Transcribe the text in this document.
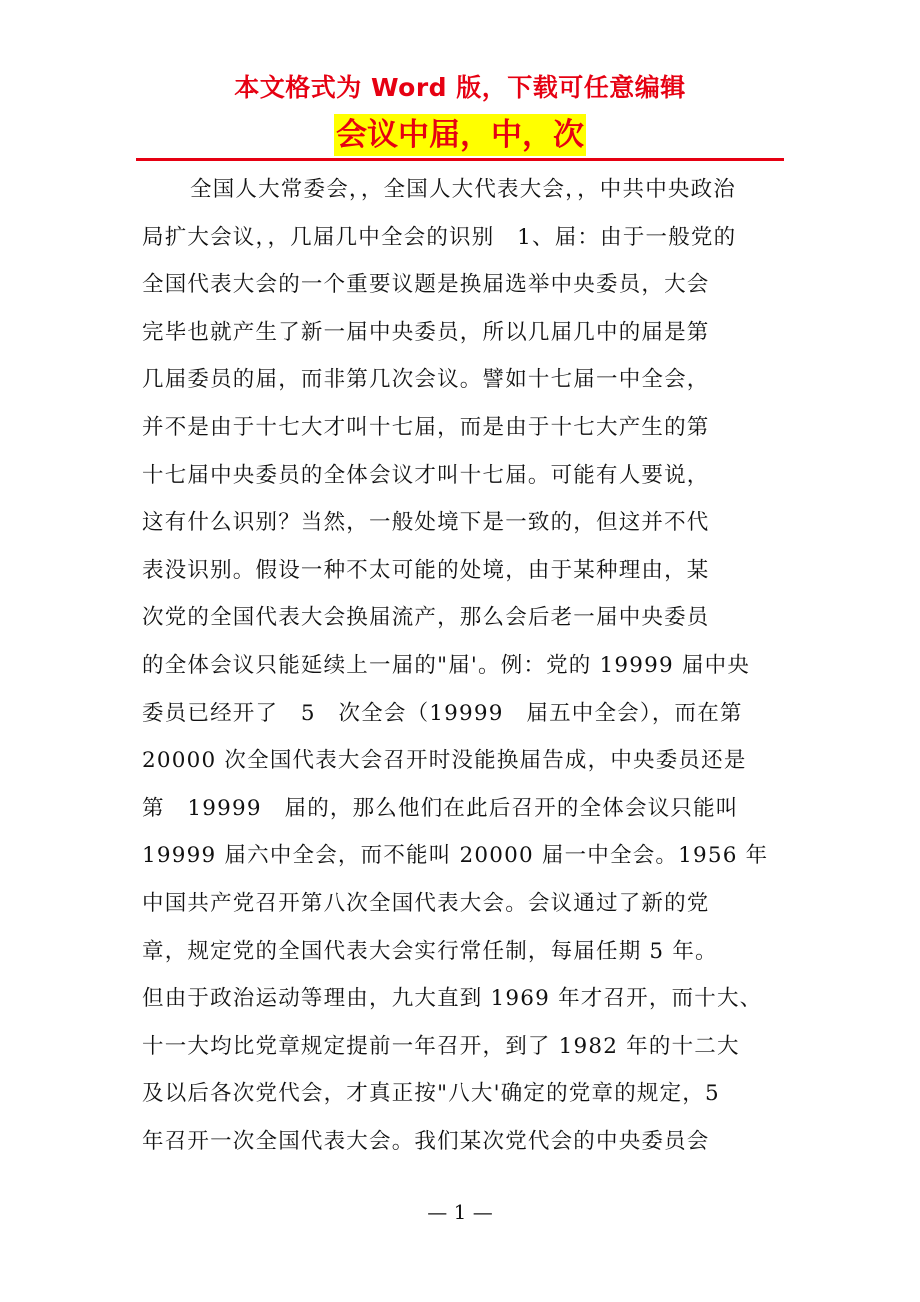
本文格式为 Word 版，下载可任意编辑
会议中届，中，次
全国人大常委会，，全国人大代表大会，，中共中央政治
局扩大会议，，几届几中全会的识别　1、届：由于一般党的
全国代表大会的一个重要议题是换届选举中央委员，大会
完毕也就产生了新一届中央委员，所以几届几中的届是第
几届委员的届，而非第几次会议。譬如十七届一中全会，
并不是由于十七大才叫十七届，而是由于十七大产生的第
十七届中央委员的全体会议才叫十七届。可能有人要说，
这有什么识别？当然，一般处境下是一致的，但这并不代
表没识别。假设一种不太可能的处境，由于某种理由，某
次党的全国代表大会换届流产，那么会后老一届中央委员
的全体会议只能延续上一届的"届'。例：党的 19999 届中央
委员已经开了　5　次全会（19999　届五中全会），而在第
20000 次全国代表大会召开时没能换届告成，中央委员还是
第　19999　届的，那么他们在此后召开的全体会议只能叫
19999 届六中全会，而不能叫 20000 届一中全会。1956 年
中国共产党召开第八次全国代表大会。会议通过了新的党
章，规定党的全国代表大会实行常任制，每届任期 5 年。
但由于政治运动等理由，九大直到 1969 年才召开，而十大、
十一大均比党章规定提前一年召开，到了 1982 年的十二大
及以后各次党代会，才真正按"八大'确定的党章的规定，5
年召开一次全国代表大会。我们某次党代会的中央委员会
— 1 —
